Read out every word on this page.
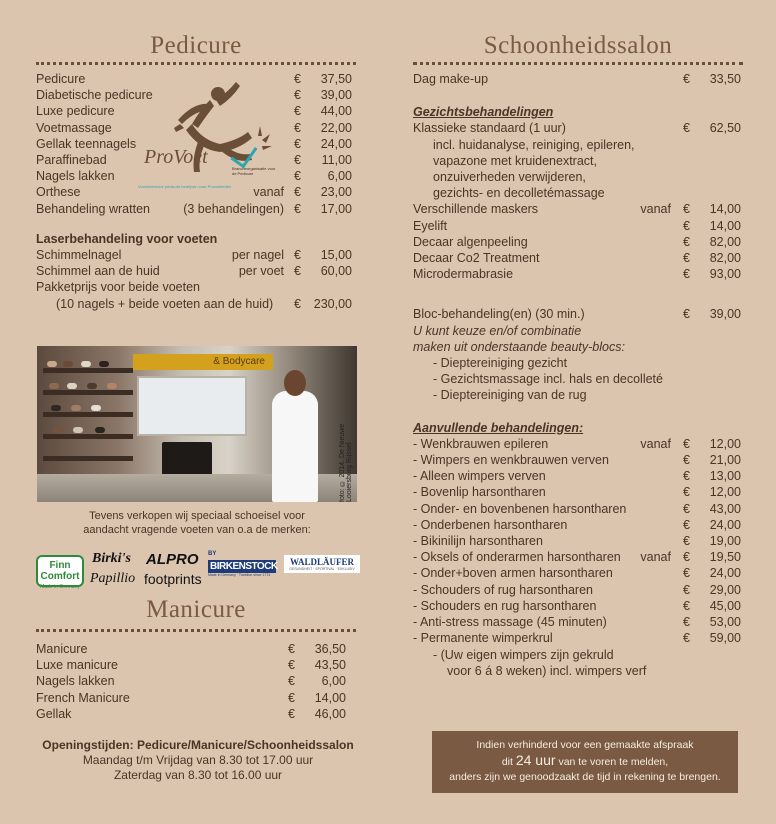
Pedicure
Pedicure	€	37,50
Diabetische pedicure	€	39,00
Luxe pedicure	€	44,00
Voetmassage	€	22,00
Gellak teennagels	€	24,00
Paraffinebad	€	11,00
Nagels lakken	€	6,00
Orthese	vanaf €	23,00
Behandeling wratten	(3 behandelingen) €	17,00
Laserbehandeling voor voeten
Schimmelnagel	per nagel €	15,00
Schimmel aan de huid	per voet €	60,00
Pakketprijs voor beide voeten
(10 nagels + beide voeten aan de huid)	€	230,00
Manicure
Manicure	€	36,50
Luxe manicure	€	43,50
Nagels lakken	€	6,00
French Manicure	€	14,00
Gellak	€	46,00
ProVoet
Brancheorganisatie voor de Pedicure
Voordelenvoor pedicure bedrijven voor Provoetleden
& Bodycare
foto: © 2014. De Nieuwe Looiersburg Rijssel
Tevens verkopen wij speciaal schoeisel voor
aandacht vragende voeten van o.a de merken:
Finn Comfort
Made in Germany
Birki's
Papillio
ALPRO
footprints
BY
BIRKENSTOCK
Made in Germany · Tradition since 1774
WALDLÄUFER
GESUNDHEIT · SPORTIVAL · EXKLUSIV
Openingstijden: Pedicure/Manicure/Schoonheidssalon
Maandag t/m Vrijdag van 8.30 tot 17.00 uur
Zaterdag van 8.30 tot 16.00 uur
Schoonheidssalon
Dag make-up	€	33,50
Gezichtsbehandelingen
Klassieke standaard (1 uur)	€	62,50
incl. huidanalyse, reiniging, epileren,
vapazone met kruidenextract,
onzuiverheden verwijderen,
gezichts- en decolletémassage
Verschillende maskers	vanaf €	14,00
Eyelift	€	14,00
Decaar algenpeeling	€	82,00
Decaar Co2 Treatment	€	82,00
Microdermabrasie	€	93,00
Bloc-behandeling(en) (30 min.)	€	39,00
U kunt keuze en/of combinatie
maken uit onderstaande beauty-blocs:
- Dieptereiniging gezicht
- Gezichtsmassage incl. hals en decolleté
- Dieptereiniging van de rug
Aanvullende behandelingen:
- Wenkbrauwen epileren	vanaf €	12,00
- Wimpers en wenkbrauwen verven	€	21,00
- Alleen wimpers verven	€	13,00
- Bovenlip harsontharen	€	12,00
- Onder- en bovenbenen harsontharen	€	43,00
- Onderbenen harsontharen	€	24,00
- Bikinilijn harsontharen	€	19,00
- Oksels of onderarmen harsontharen	vanaf €	19,50
- Onder+boven armen harsontharen	€	24,00
- Schouders of rug harsontharen	€	29,00
- Schouders en rug harsontharen	€	45,00
- Anti-stress massage (45 minuten)	€	53,00
- Permanente wimperkrul	€	59,00
- (Uw eigen wimpers zijn gekruld
voor 6 á 8 weken) incl. wimpers verf
Indien verhinderd voor een gemaakte afspraak
dit 24 uur van te voren te melden,
anders zijn we genoodzaakt de tijd in rekening te brengen.
